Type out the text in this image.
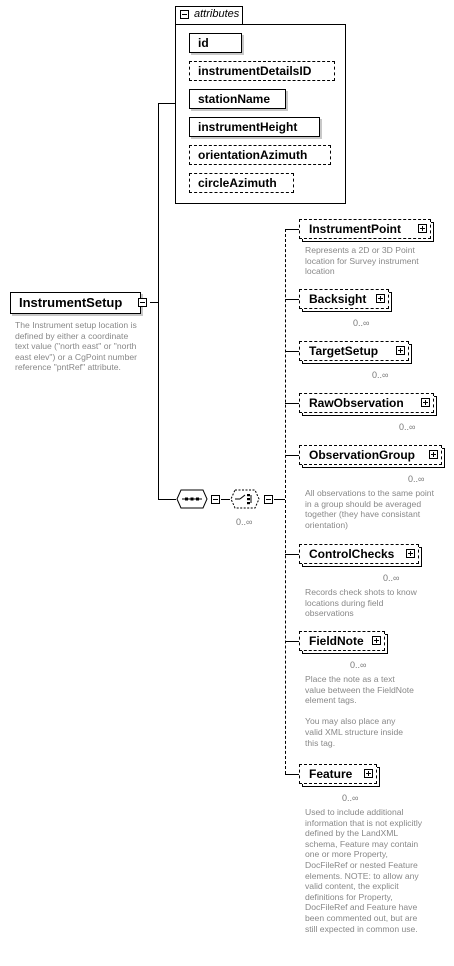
InstrumentSetup
The Instrument setup location is defined by either a coordinate text value ("north east" or "north east elev") or a CgPoint number reference "pntRef" attribute.
attributes
id
instrumentDetailsID
stationName
instrumentHeight
orientationAzimuth
circleAzimuth
0..∞
InstrumentPoint
Represents a 2D or 3D Point location for Survey instrument location
Backsight
0..∞
TargetSetup
0..∞
RawObservation
0..∞
ObservationGroup
0..∞
All observations to the same point in a group should be averaged together (they have consistant orientation)
ControlChecks
0..∞
Records check shots to know locations during field observations
FieldNote
0..∞
Place the note as a text value between the FieldNote element tags.

You may also place any valid XML structure inside this tag.
Feature
0..∞
Used to include additional information that is not explicitly defined by the LandXML schema, Feature may contain one or more Property, DocFileRef or nested Feature elements. NOTE: to allow any valid content, the explicit definitions for Property, DocFileRef and Feature have been commented out, but are still expected in common use.
